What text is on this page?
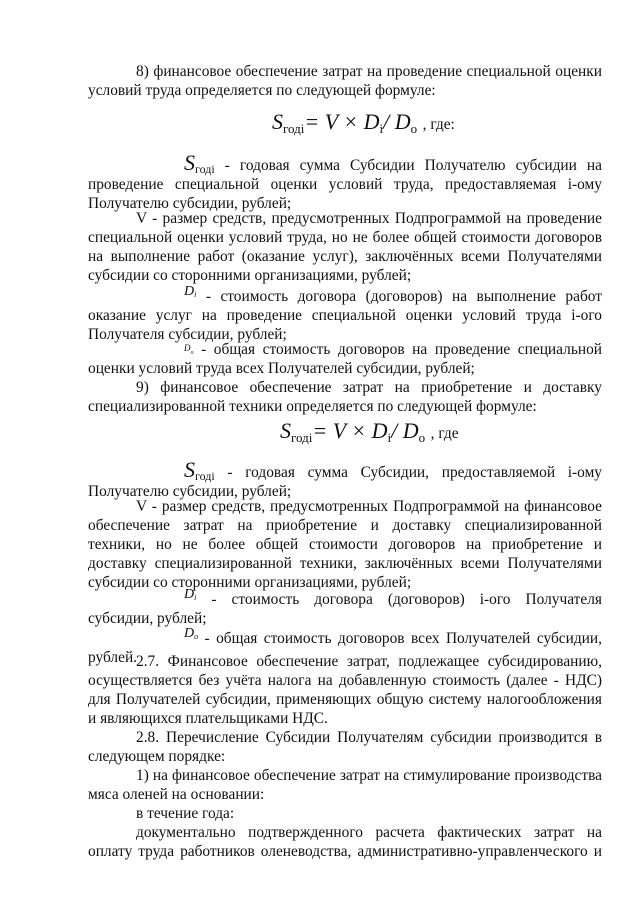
8) финансовое обеспечение затрат на проведение специальной оценки условий труда определяется по следующей формуле:

$S_{годi}= V \times D_i/$ $D_o$ , где:

$S_{годi}$ - годовая сумма Субсидии Получателю субсидии на проведение специальной оценки условий труда, предоставляемая i-ому Получателю субсидии, рублей;

V - размер средств, предусмотренных Подпрограммой на проведение специальной оценки условий труда, но не более общей стоимости договоров на выполнение работ (оказание услуг), заключённых всеми Получателями субсидии со сторонними организациями, рублей;

$D_i$ - стоимость договора (договоров) на выполнение работ оказание услуг на проведение специальной оценки условий труда i-ого Получателя субсидии, рублей;

$D_o$ - общая стоимость договоров на проведение специальной оценки условий труда всех Получателей субсидии, рублей;

9) финансовое обеспечение затрат на приобретение и доставку специализированной техники определяется по следующей формуле:

$S_{годi}= V \times D_i/$ $D_o$ , где

$S_{годi}$ - годовая сумма Субсидии, предоставляемой i-ому Получателю субсидии, рублей;

V - размер средств, предусмотренных Подпрограммой на финансовое обеспечение затрат на приобретение и доставку специализированной техники, но не более общей стоимости договоров на приобретение и доставку специализированной техники, заключённых всеми Получателями субсидии со сторонними организациями, рублей;

$D_i$ - стоимость договора (договоров) i-ого Получателя субсидии, рублей;

$D_o$ - общая стоимость договоров всех Получателей субсидии, рублей.

2.7. Финансовое обеспечение затрат, подлежащее субсидированию, осуществляется без учёта налога на добавленную стоимость (далее - НДС) для Получателей субсидии, применяющих общую систему налогообложения и являющихся плательщиками НДС.

2.8. Перечисление Субсидии Получателям субсидии производится в следующем порядке:

1) на финансовое обеспечение затрат на стимулирование производства мяса оленей на основании:

в течение года:

документально подтвержденного расчета фактических затрат на оплату труда работников оленеводства, административно-управленческого и
